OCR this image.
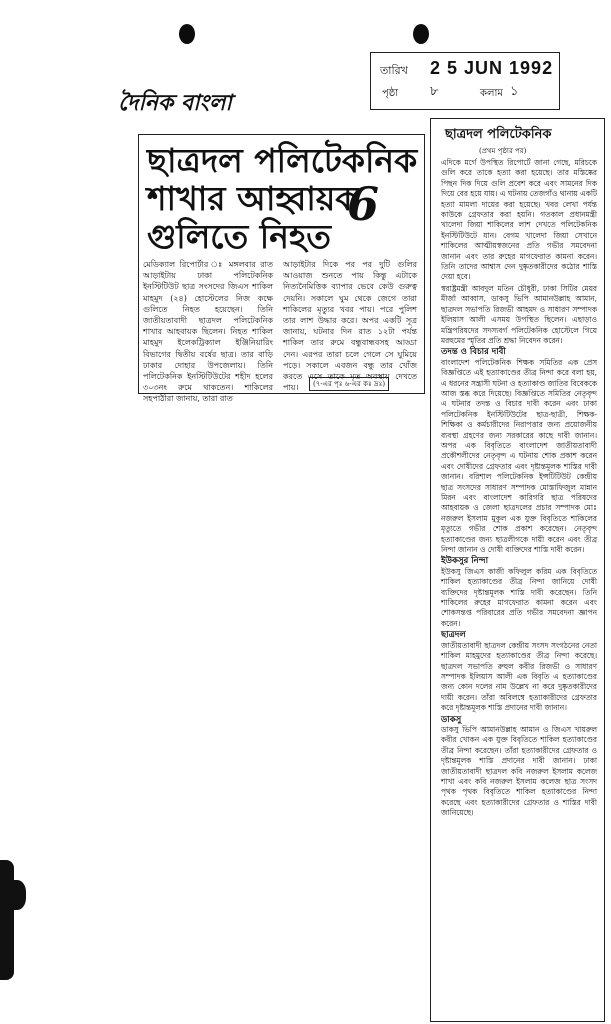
তারিখ 2 5 JUN 1992
পৃষ্ঠা ৮	কলাম ১
দৈনিক বাংলা
ছাত্রদল পলিটেকনিক
শাখার আহ্বায়ক
গুলিতে নিহত
6
মেডিক্যাল রিপোর্টার ঃ মঙ্গলবার রাত আড়াইটায় ঢাকা পলিটেকনিক ইনস্টিটিউট ছাত্র সংসদের জিএস শাকিল মাহমুদ (২৪) হোস্টেলের নিজ কক্ষে গুলিতে নিহত হয়েছেন। তিনি জাতীয়তাবাদী ছাত্রদল পলিটেকনিক শাখার আহবায়ক ছিলেন। নিহত শাকিল মাহমুদ ইলেকট্রিক্যাল ইঞ্জিনিয়ারিং বিভাগের দ্বিতীয় বর্ষের ছাত্র। তার বাড়ি ঢাকার দোহার উপজেলায়। তিনি পলিটেকনিক ইনস্টিটিউটের শহীদ হলের ৩০৩নং রুমে থাকতেন। শাকিলের সহপাঠীরা জানায়, তারা রাত
আড়াইটার দিকে পর পর দুটি গুলির আওয়াজ শুনতে পায় কিন্তু এটাকে নিত্যনৈমিত্তিক ব্যাপার ভেবে কেউ গুরুত্ব দেয়নি। সকালে ঘুম থেকে জেগে তারা শাকিলের মৃত্যুর খবর পায়। পরে পুলিশ তার লাশ উদ্ধার করে। অপর একটি সূত্র জানায়, ঘটনার দিন রাত ১২টা পর্যন্ত শাকিল তার রুমে বন্ধুবান্ধবসহ আড্ডা দেন। এরপর তারা চলে গেলে সে ঘুমিয়ে পড়ে। সকালে এবজন বন্ধু তার খোঁজ করতে এসে তাকে মৃত অবস্থায় দেখতে পায়।	(৭-এর পৃঃ ৬-এর কঃ দ্রঃ)
ছাত্রদল পলিটেকনিক
(প্রথম পৃষ্ঠার পর)
এদিকে মর্গে উপস্থিত রিপোর্টে জানা গেছে, মরিচকে গুলি করে তাকে হত্যা করা হয়েছে। তার মস্তিষ্কের পিছন দিক দিয়ে গুলি প্রবেশ করে এবং সামনের দিক দিয়ে বের হয়ে যায়। এ ঘটনায় তেজগাঁও থানায় একটি হত্যা মামলা দায়ের করা হয়েছে। খবর লেখা পর্যন্ত কাউকে গ্রেফতার করা হয়নি। গতকাল প্রধানমন্ত্রী খালেদা জিয়া শাকিলের লাশ দেখতে পলিটেকনিক ইনস্টিটিউটে যান। বেগম খালেদা জিয়া সেখানে শাকিলের আত্মীয়স্বজনের প্রতি গভীর সমবেদনা জানান এবং তার রুহের মাগফেরাত কামনা করেন। তিনি তাদের আশ্বাস দেন দুষ্কৃতকারীদের কঠোর শাস্তি দেয়া হবে।
স্বরাষ্ট্রমন্ত্রী আবদুল মতিন চৌধুরী, ঢাকা সিটির মেয়র মীর্জা আব্বাস, ডাকসু ভিপি আমানউল্লাহ আমান, ছাত্রদল সভাপতি রিজভী আহমদ ও সাধারণ সম্পাদক ইলিয়াস আলী এসময় উপস্থিত ছিলেন। এছাড়াও মন্ত্রিপরিষদের সদস্যবর্গ পলিটেকনিক হোস্টেলে গিয়ে মরহুমের স্মৃতির প্রতি শ্রদ্ধা নিবেদন করেন।
তদন্ত ও বিচার দাবী
বাংলাদেশ পলিটেকনিক শিক্ষক সমিতির এক প্রেস বিজ্ঞপ্তিতে এই হত্যাকাণ্ডের তীব্র নিন্দা করে বলা হয়, এ ধরনের সন্ত্রাসী ঘটনা ও হত্যাকাণ্ড জাতির বিবেককে আজ স্তব্ধ করে দিয়েছে। বিজ্ঞপ্তিতে সমিতির নেতৃবৃন্দ এ ঘটনার তদন্ত ও বিচার দাবী করেন এবং ঢাকা পলিটেকনিক ইনস্টিটিউটের ছাত্র-ছাত্রী, শিক্ষক-শিক্ষিকা ও কর্মচারীদের নিরাপত্তার জন্য প্রয়োজনীয় ব্যবস্থা গ্রহণের জন্য সরকারের কাছে দাবী জানান। অপর এক বিবৃতিতে বাংলাদেশ জাতীয়তাবাদী প্রকৌশলীদের নেতৃবৃন্দ এ ঘটনায় শোক প্রকাশ করেন এবং দোষীদের গ্রেফতার এবং দৃষ্টান্তমূলক শাস্তির দাবী জানান। বরিশাল পলিটেকনিক ইন্সটিটিউট কেন্দ্রীয় ছাত্র সংসদের সাধারণ সম্পাদক মোস্তাফিজুল মান্নান মিরন এবং বাংলাদেশ কারিগরি ছাত্র পরিষদের আহবায়ক ও জেলা ছাত্রদলের প্রচার সম্পাদক মোঃ নজরুল ইসলাম মুকুল এক যুক্ত বিবৃতিতে শাকিলের মৃত্যুতে গভীর শোক প্রকাশ করেছেন। নেতৃবৃন্দ হত্যাকাণ্ডের জন্য ছাত্রলীগকে দায়ী করেন এবং তীব্র নিন্দা জানান ও দোষী ব্যক্তিদের শাস্তি দাবী করেন।
ইউকসুর নিন্দা
ইউকসু জিএস কাজী কফিলুল করিম এক বিবৃতিতে শাকিল হত্যাকাণ্ডের তীব্র নিন্দা জানিয়ে দোষী ব্যক্তিদের দৃষ্টান্তমূলক শাস্তি দাবী করেছেন। তিনি শাকিলের রুহের মাগফেরাত কামনা করেন এবং শোকসন্তপ্ত পরিবারের প্রতি গভীর সমবেদনা জ্ঞাপন করেন।
ছাত্রদল
জাতীয়তাবাদী ছাত্রদল কেন্দ্রীয় সংসদ সংগঠনের নেতা শাকিল মাহমুদের হত্যাকাণ্ডের তীব্র নিন্দা করেছে। ছাত্রদল সভাপতি রুহুল কবীর রিজভী ও সাধারণ সম্পাদক ইলিয়াস আলী এক বিবৃতি এ হত্যাকাণ্ডের জন্য কোন দলের নাম উল্লেখ না করে দুষ্কৃতকারীদের দায়ী করেন। তাঁরা অবিলম্বে হত্যাকারীদের গ্রেফতার করে দৃষ্টান্তমূলক শাস্তি প্রদানের দাবী জানান।
ডাকসু
ডাকসু ভিপি আমানউল্লাহ আমান ও জিএস খায়রুল কবীর খোকন এক যুক্ত বিবৃতিতে শাকিল হত্যাকাণ্ডের তীব্র নিন্দা করেছেন। তাঁরা হত্যাকারীদের গ্রেফতার ও দৃষ্টান্তমূলক শাস্তি প্রদানের দাবী জানান। ঢাকা জাতীয়তাবাদী ছাত্রদল কবি নজরুল ইসলাম কলেজ শাখা এবং কবি নজরুল ইসলাম কলেজ ছাত্র সংসদ পৃথক পৃথক বিবৃতিতে শাকিল হত্যাকাণ্ডের নিন্দা করেছে এবং হত্যাকারীদের গ্রেফতার ও শাস্তির দাবী জানিয়েছে।
